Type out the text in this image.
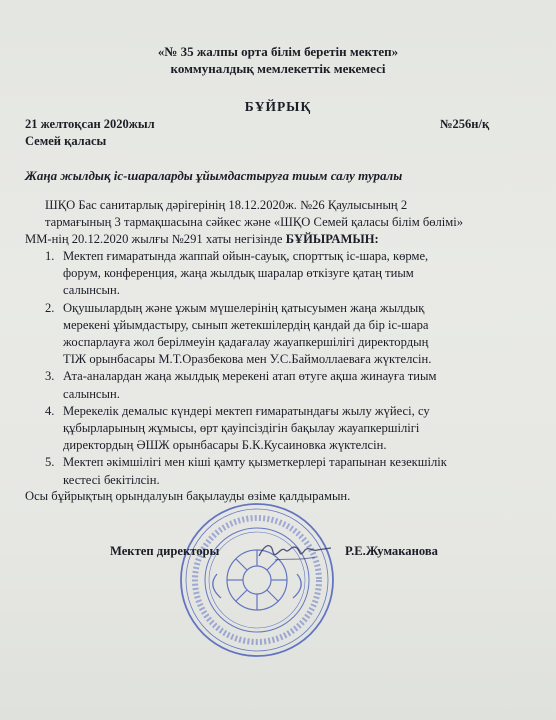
«№ 35 жалпы орта білім беретін мектеп»
коммуналдық мемлекеттік мекемесі
БҰЙРЫҚ
21 желтоқсан 2020жыл	№256н/қ
Семей қаласы
Жаңа жылдық іс-шараларды ұйымдастыруға тиым салу туралы
ШҚО Бас санитарлық дәрігерінің 18.12.2020ж. №26 Қаулысының 2
тармағының 3 тармақшасына сәйкес және «ШҚО Семей қаласы білім бөлімі»
ММ-нің 20.12.2020 жылғы №291 хаты негізінде БҰЙЫРАМЫН:
1. Мектеп ғимаратында жаппай ойын-сауық, спорттық іс-шара, көрме,
форум, конференция, жаңа жылдық шаралар өткізуге қатаң тиым
салынсын.
2. Оқушылардың және ұжым мүшелерінің қатысуымен жаңа жылдық
мерекені ұйымдастыру, сынып жетекшілердің қандай да бір іс-шара
жоспарлауға жол берілмеуін қадағалау жауапкершілігі директордың
ТІЖ орынбасары М.Т.Оразбекова мен У.С.Баймоллаеваға жүктелсін.
3. Ата-аналардан жаңа жылдық мерекені атап өтуге ақша жинауға тиым
салынсын.
4. Мерекелік демалыс күндері мектеп ғимаратындағы жылу жүйесі, су
құбырларының жұмысы, өрт қауіпсіздігін бақылау жауапкершілігі
директордың ӘШЖ орынбасары Б.К.Кусаиновка жүктелсін.
5. Мектеп әкімшілігі мен кіші қамту қызметкерлері тарапынан кезекшілік
кестесі бекітілсін.
Осы бұйрықтың орындалуын бақылауды өзіме қалдырамын.
Мектеп директоры	Р.Е.Жумаканова
